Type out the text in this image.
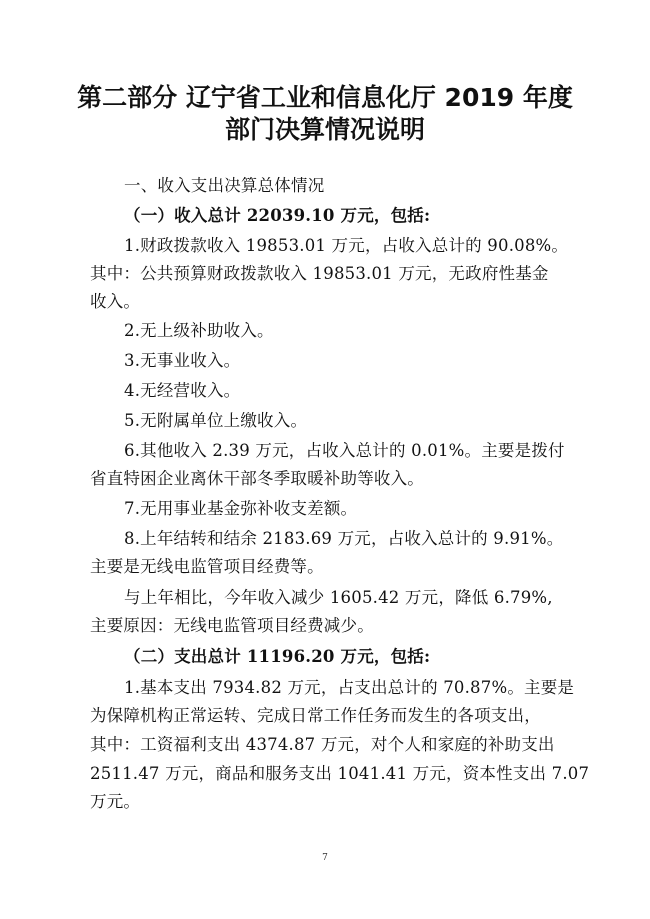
第二部分 辽宁省工业和信息化厅 2019 年度
部门决算情况说明
一、收入支出决算总体情况
（一）收入总计 22039.10 万元，包括:
1.财政拨款收入 19853.01 万元，占收入总计的 90.08%。
其中：公共预算财政拨款收入 19853.01 万元，无政府性基金
收入。
2.无上级补助收入。
3.无事业收入。
4.无经营收入。
5.无附属单位上缴收入。
6.其他收入 2.39 万元，占收入总计的 0.01%。主要是拨付
省直特困企业离休干部冬季取暖补助等收入。
7.无用事业基金弥补收支差额。
8.上年结转和结余 2183.69 万元，占收入总计的 9.91%。
主要是无线电监管项目经费等。
与上年相比，今年收入减少 1605.42 万元，降低 6.79%,
主要原因：无线电监管项目经费减少。
（二）支出总计 11196.20 万元，包括:
1.基本支出 7934.82 万元，占支出总计的 70.87%。主要是
为保障机构正常运转、完成日常工作任务而发生的各项支出，
其中：工资福利支出 4374.87 万元，对个人和家庭的补助支出
2511.47 万元，商品和服务支出 1041.41 万元，资本性支出 7.07
万元。
7
